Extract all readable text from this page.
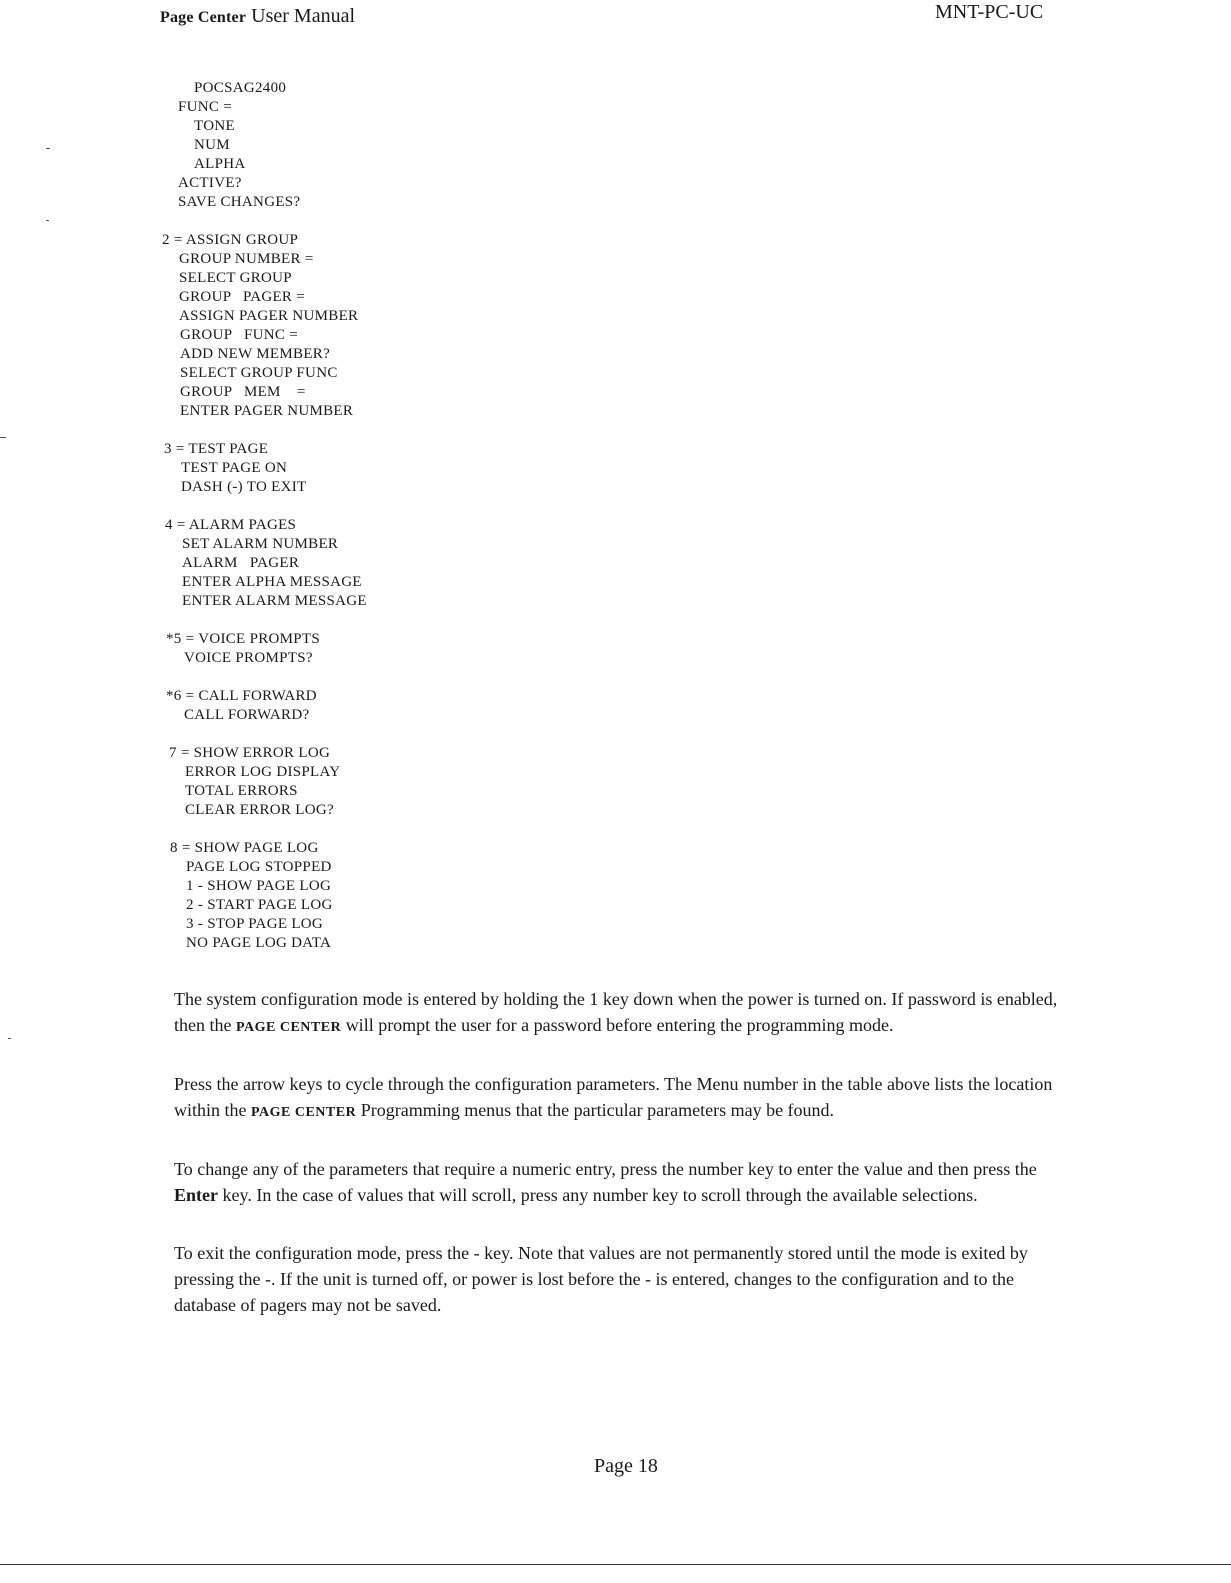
Page Center User Manual	MNT-PC-UC
POCSAG2400
FUNC =
TONE
NUM
ALPHA
ACTIVE?
SAVE CHANGES?
2 = ASSIGN GROUP
GROUP NUMBER =
SELECT GROUP
GROUP   PAGER =
ASSIGN PAGER NUMBER
GROUP   FUNC =
ADD NEW MEMBER?
SELECT GROUP FUNC
GROUP   MEM    =
ENTER PAGER NUMBER
3 = TEST PAGE
TEST PAGE ON
DASH (-) TO EXIT
4 = ALARM PAGES
SET ALARM NUMBER
ALARM   PAGER
ENTER ALPHA MESSAGE
ENTER ALARM MESSAGE
*5 = VOICE PROMPTS
VOICE PROMPTS?
*6 = CALL FORWARD
CALL FORWARD?
7 = SHOW ERROR LOG
ERROR LOG DISPLAY
TOTAL ERRORS
CLEAR ERROR LOG?
8 = SHOW PAGE LOG
PAGE LOG STOPPED
1 - SHOW PAGE LOG
2 - START PAGE LOG
3 - STOP PAGE LOG
NO PAGE LOG DATA

The system configuration mode is entered by holding the 1 key down when the power is turned on. If password is enabled, then the PAGE CENTER will prompt the user for a password before entering the programming mode.

Press the arrow keys to cycle through the configuration parameters. The Menu number in the table above lists the location within the PAGE CENTER Programming menus that the particular parameters may be found.

To change any of the parameters that require a numeric entry, press the number key to enter the value and then press the Enter key. In the case of values that will scroll, press any number key to scroll through the available selections.

To exit the configuration mode, press the - key. Note that values are not permanently stored until the mode is exited by pressing the -. If the unit is turned off, or power is lost before the - is entered, changes to the configuration and to the database of pagers may not be saved.

Page 18
